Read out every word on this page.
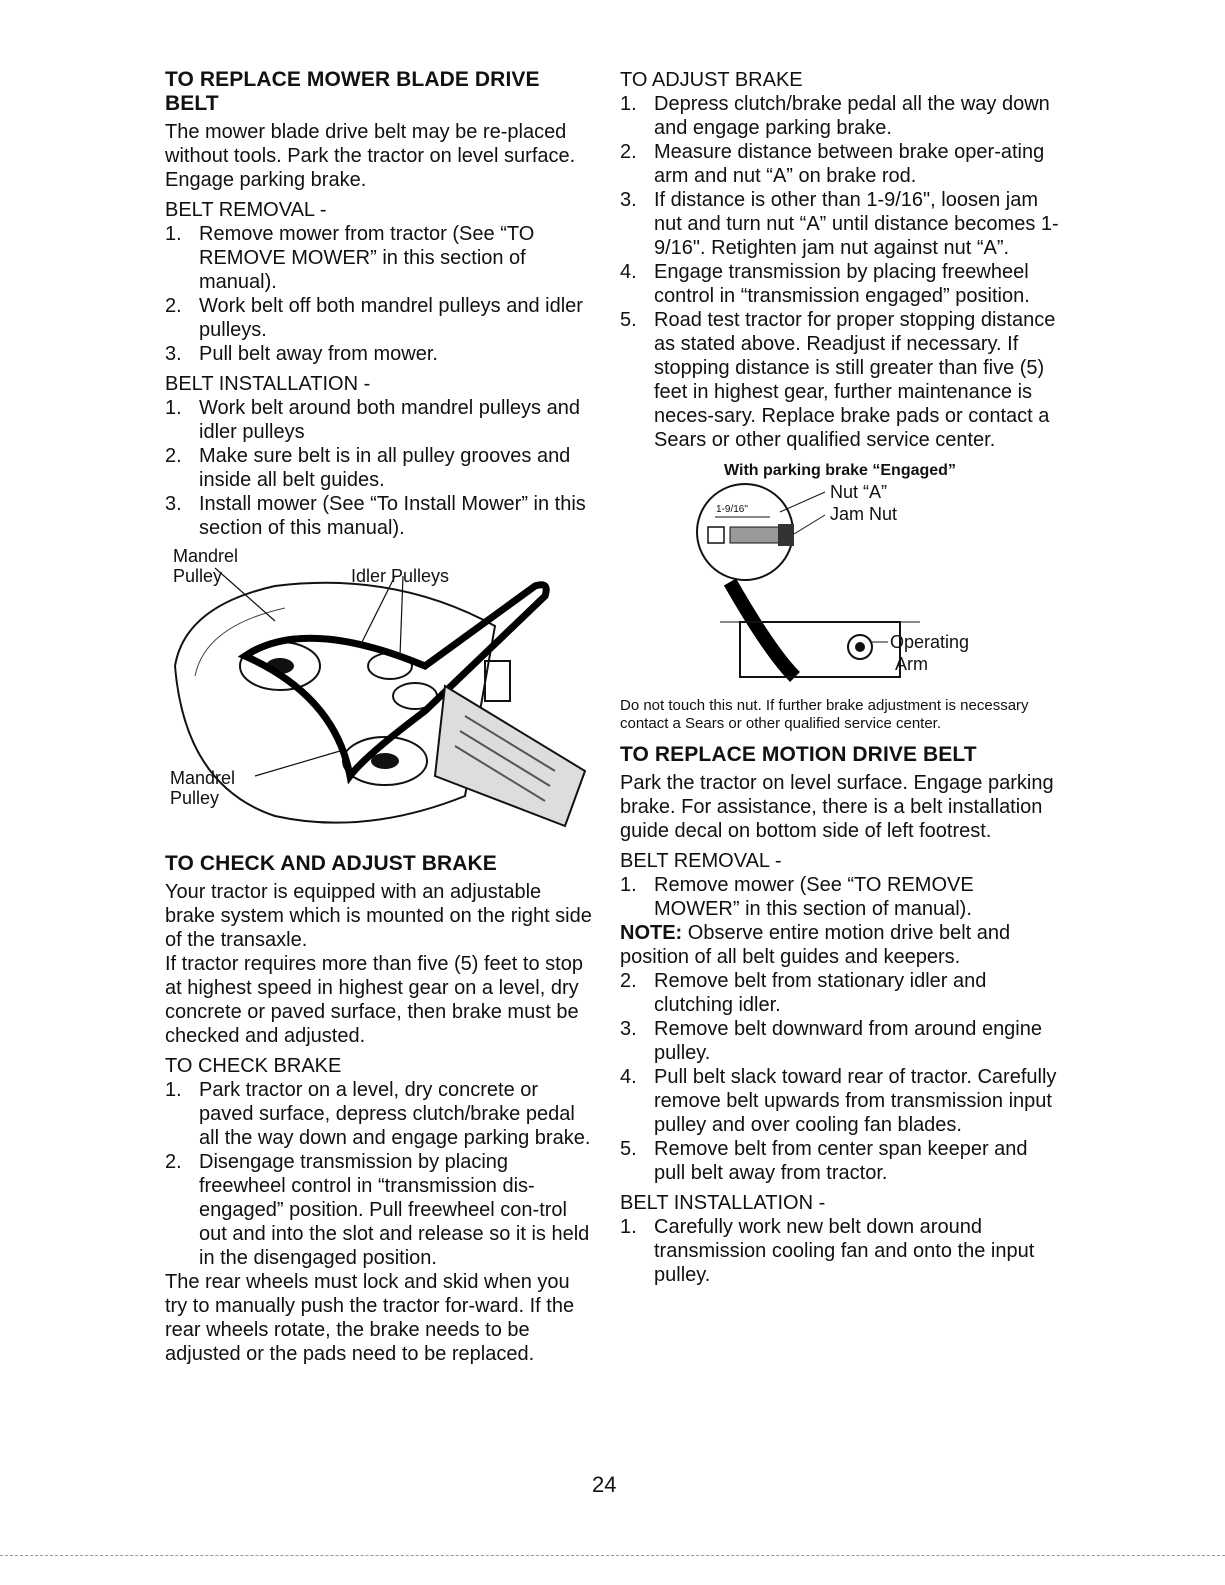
TO REPLACE MOWER BLADE DRIVE BELT

The mower blade drive belt may be re-placed without tools. Park the tractor on level surface. Engage parking brake.

BELT REMOVAL -

1. Remove mower from tractor (See “TO REMOVE MOWER” in this section of manual).
2. Work belt off both mandrel pulleys and idler pulleys.
3. Pull belt away from mower.

BELT INSTALLATION -

1. Work belt around both mandrel pulleys and idler pulleys
2. Make sure belt is in all pulley grooves and inside all belt guides.
3. Install mower (See “To Install Mower” in this section of this manual).
Mandrel
Pulley	Idler Pulleys
Mandrel
Pulley
TO CHECK AND ADJUST BRAKE

Your tractor is equipped with an adjustable brake system which is mounted on the right side of the transaxle.

If tractor requires more than five (5) feet to stop at highest speed in highest gear on a level, dry concrete or paved surface, then brake must be checked and adjusted.

TO CHECK BRAKE

1. Park tractor on a level, dry concrete or paved surface, depress clutch/brake pedal all the way down and engage parking brake.
2. Disengage transmission by placing freewheel control in “transmission dis-engaged” position. Pull freewheel con-trol out and into the slot and release so it is held in the disengaged position.

The rear wheels must lock and skid when you try to manually push the tractor for-ward. If the rear wheels rotate, the brake needs to be adjusted or the pads need to be replaced.

TO ADJUST BRAKE

1. Depress clutch/brake pedal all the way down and engage parking brake.
2. Measure distance between brake oper-ating arm and nut “A” on brake rod.
3. If distance is other than 1-9/16", loosen jam nut and turn nut “A” until distance becomes 1-9/16". Retighten jam nut against nut “A”.
4. Engage transmission by placing freewheel control in “transmission engaged” position.
5. Road test tractor for proper stopping distance as stated above. Readjust if necessary. If stopping distance is still greater than five (5) feet in highest gear, further maintenance is neces-sary. Replace brake pads or contact a Sears or other qualified service center.
With parking brake “Engaged”
1-9/16"
Nut “A”
Jam Nut
Operating
Arm

Do not touch this nut. If further brake adjustment is necessary contact a Sears or other qualified service center.

TO REPLACE MOTION DRIVE BELT

Park the tractor on level surface. Engage parking brake. For assistance, there is a belt installation guide decal on bottom side of left footrest.

BELT REMOVAL -

1. Remove mower (See “TO REMOVE MOWER” in this section of manual).

NOTE: Observe entire motion drive belt and position of all belt guides and keepers.

2. Remove belt from stationary idler and clutching idler.
3. Remove belt downward from around engine pulley.
4. Pull belt slack toward rear of tractor. Carefully remove belt upwards from transmission input pulley and over cooling fan blades.
5. Remove belt from center span keeper and pull belt away from tractor.

BELT INSTALLATION -

1. Carefully work new belt down around transmission cooling fan and onto the input pulley.
24
